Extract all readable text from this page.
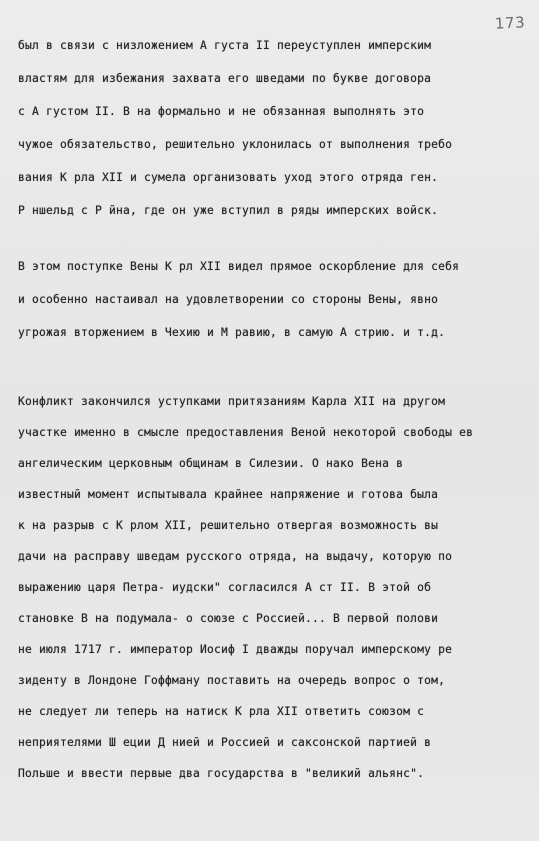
173
был в связи с низложением А густа II переуступлен имперским
властям для избежания захвата его шведами по букве договора
с А густом II. В на формально и не обязанная выполнять это
чужое обязательство, решительно уклонилась от выполнения требо
вания К рла XII и сумела организовать уход этого отряда ген.
Р ншельд с Р йна, где он уже вступил в ряды имперских войск.
В этом поступке Вены К рл XII видел прямое оскорбление для себя
и особенно настаивал на удовлетворении со стороны Вены, явно
угрожая вторжением в Чехию и М равию, в самую А стрию. и т.д.
Конфликт закончился уступками притязаниям Карла XII на другом
участке именно в смысле предоставления Веной некоторой свободы ев
ангелическим церковным общинам в Силезии. О нако Вена в
известный момент испытывала крайнее напряжение и готова была
к на разрыв с К рлом XII, решительно отвергая возможность вы
дачи на расправу шведам русского отряда, на выдачу, которую по
выражению царя Петра- иудски" согласился А ст II. В этой об
становке В на подумала- о союзе с Россией... В первой полови
не июля 1717 г. император Иосиф I дважды поручал имперскому ре
зиденту в Лондоне Гоффману поставить на очередь вопрос о том,
не следует ли теперь на натиск К рла XII ответить союзом с
неприятелями Ш еции Д нией и Россией и саксонской партией в
Польше и ввести первые два государства в "великий альянс".
